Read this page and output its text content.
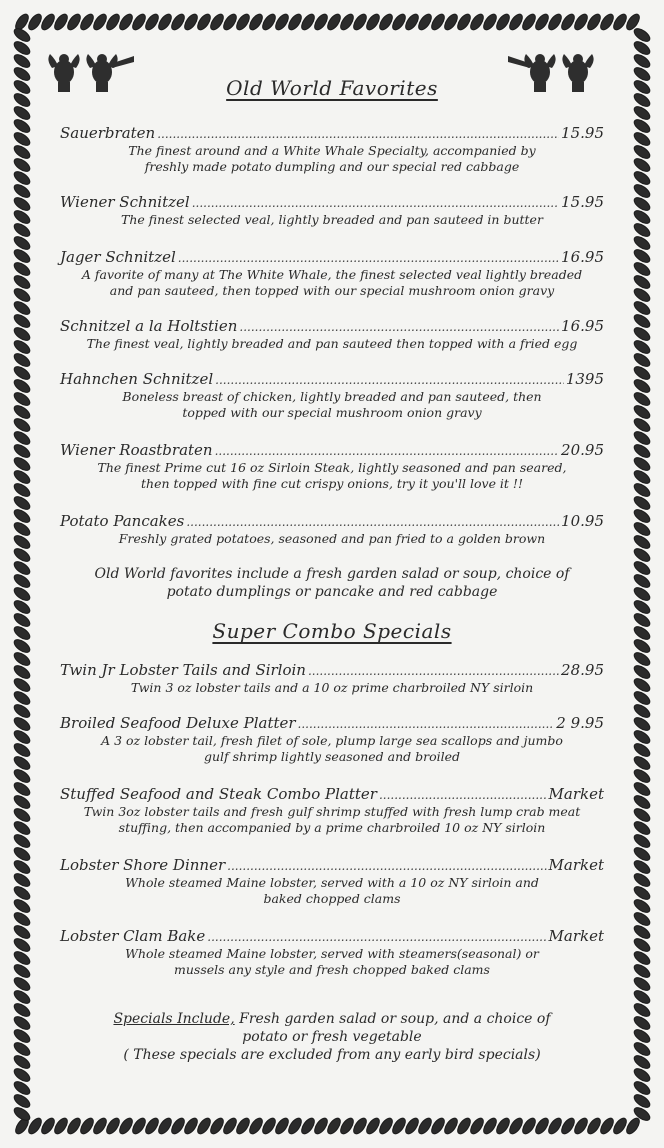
Old World Favorites
Sauerbraten .....	15.95
The finest around and a White Whale Specialty, accompanied by
freshly made potato dumpling and our special red cabbage
Wiener Schnitzel .....	15.95
The finest selected veal, lightly breaded and pan sauteed in butter
Jager Schnitzel .....	16.95
A favorite of many at The White Whale, the finest selected veal lightly breaded
and pan sauteed, then topped with our special mushroom onion gravy
Schnitzel a la Holtstien .....	16.95
The finest veal, lightly breaded and pan sauteed then topped with a fried egg
Hahnchen Schnitzel .....	1395
Boneless breast of chicken, lightly breaded and pan sauteed, then
topped with our special mushroom onion gravy
Wiener Roastbraten .....	20.95
The finest Prime cut 16 oz Sirloin Steak, lightly seasoned and pan seared,
then topped with fine cut crispy onions, try it you'll love it !!
Potato Pancakes .....	10.95
Freshly grated potatoes, seasoned and pan fried to a golden brown
Old World favorites include a fresh garden salad or soup, choice of
potato dumplings or pancake and red cabbage
Super Combo Specials
Twin Jr Lobster Tails and Sirloin .....	28.95
Twin 3 oz lobster tails and a 10 oz prime charbroiled NY sirloin
Broiled Seafood Deluxe Platter .....	2 9.95
A 3 oz lobster tail, fresh filet of sole, plump large sea scallops and jumbo
gulf shrimp lightly seasoned and broiled
Stuffed Seafood and Steak Combo Platter .....	Market
Twin 3oz lobster tails and fresh gulf shrimp stuffed with fresh lump crab meat
stuffing, then accompanied by a prime charbroiled 10 oz NY sirloin
Lobster Shore Dinner .....	Market
Whole steamed Maine lobster, served with a 10 oz NY sirloin and
baked chopped clams
Lobster Clam Bake .....	Market
Whole steamed Maine lobster, served with steamers(seasonal) or
mussels any style and fresh chopped baked clams
Specials Include, Fresh garden salad or soup, and a choice of
potato or fresh vegetable
( These specials are excluded from any early bird specials)
